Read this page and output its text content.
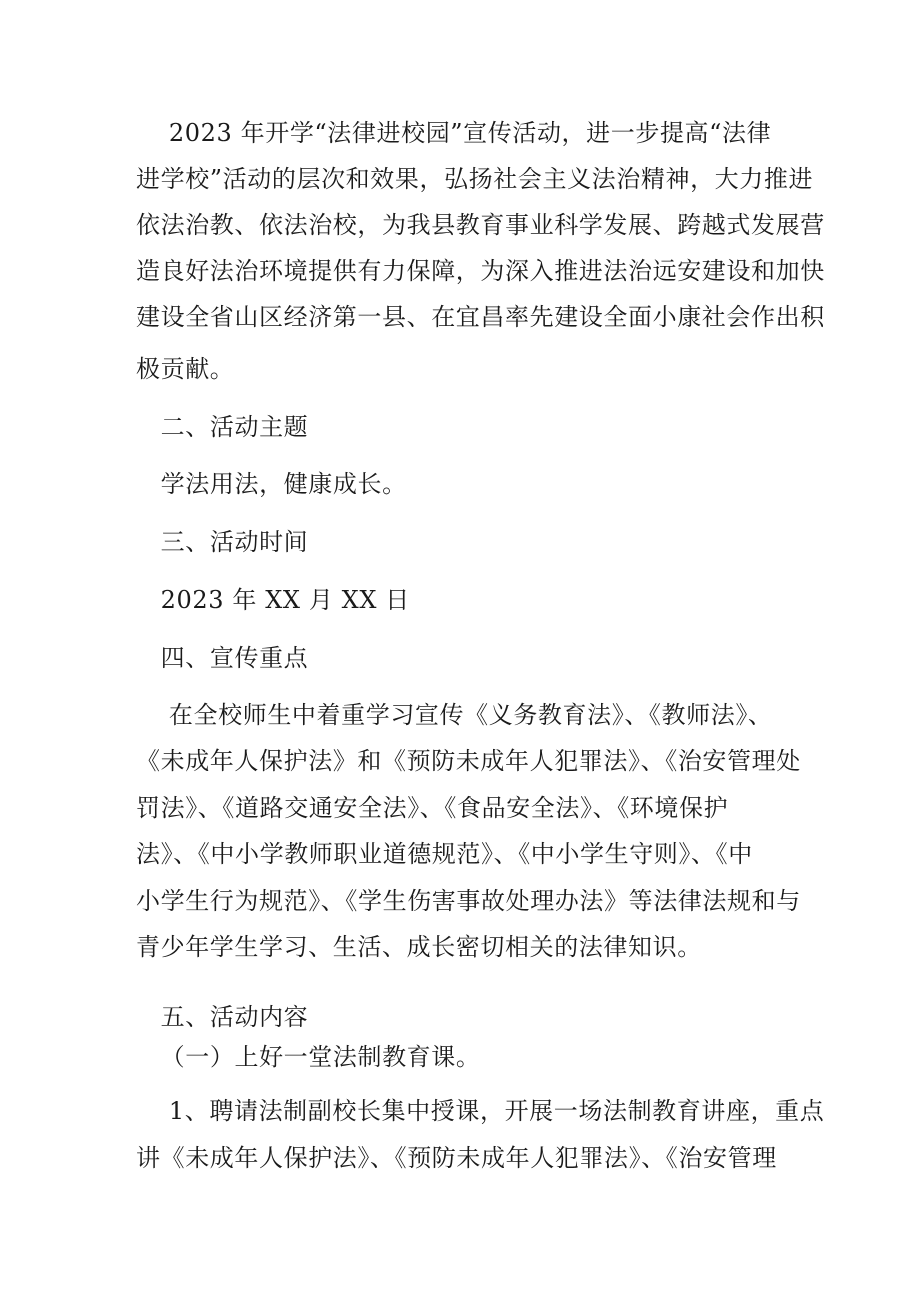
2023 年开学“法律进校园”宣传活动，进一步提高“法律
进学校”活动的层次和效果，弘扬社会主义法治精神，大力推进
依法治教、依法治校，为我县教育事业科学发展、跨越式发展营
造良好法治环境提供有力保障，为深入推进法治远安建设和加快
建设全省山区经济第一县、在宜昌率先建设全面小康社会作出积
极贡献。
二、活动主题
学法用法，健康成长。
三、活动时间
2023 年 XX 月 XX 日
四、宣传重点
在全校师生中着重学习宣传《义务教育法》、《教师法》、
《未成年人保护法》和《预防未成年人犯罪法》、《治安管理处
罚法》、《道路交通安全法》、《食品安全法》、《环境保护
法》、《中小学教师职业道德规范》、《中小学生守则》、《中
小学生行为规范》、《学生伤害事故处理办法》等法律法规和与
青少年学生学习、生活、成长密切相关的法律知识。
五、活动内容
（一）上好一堂法制教育课。
1、聘请法制副校长集中授课，开展一场法制教育讲座，重点
讲《未成年人保护法》、《预防未成年人犯罪法》、《治安管理
